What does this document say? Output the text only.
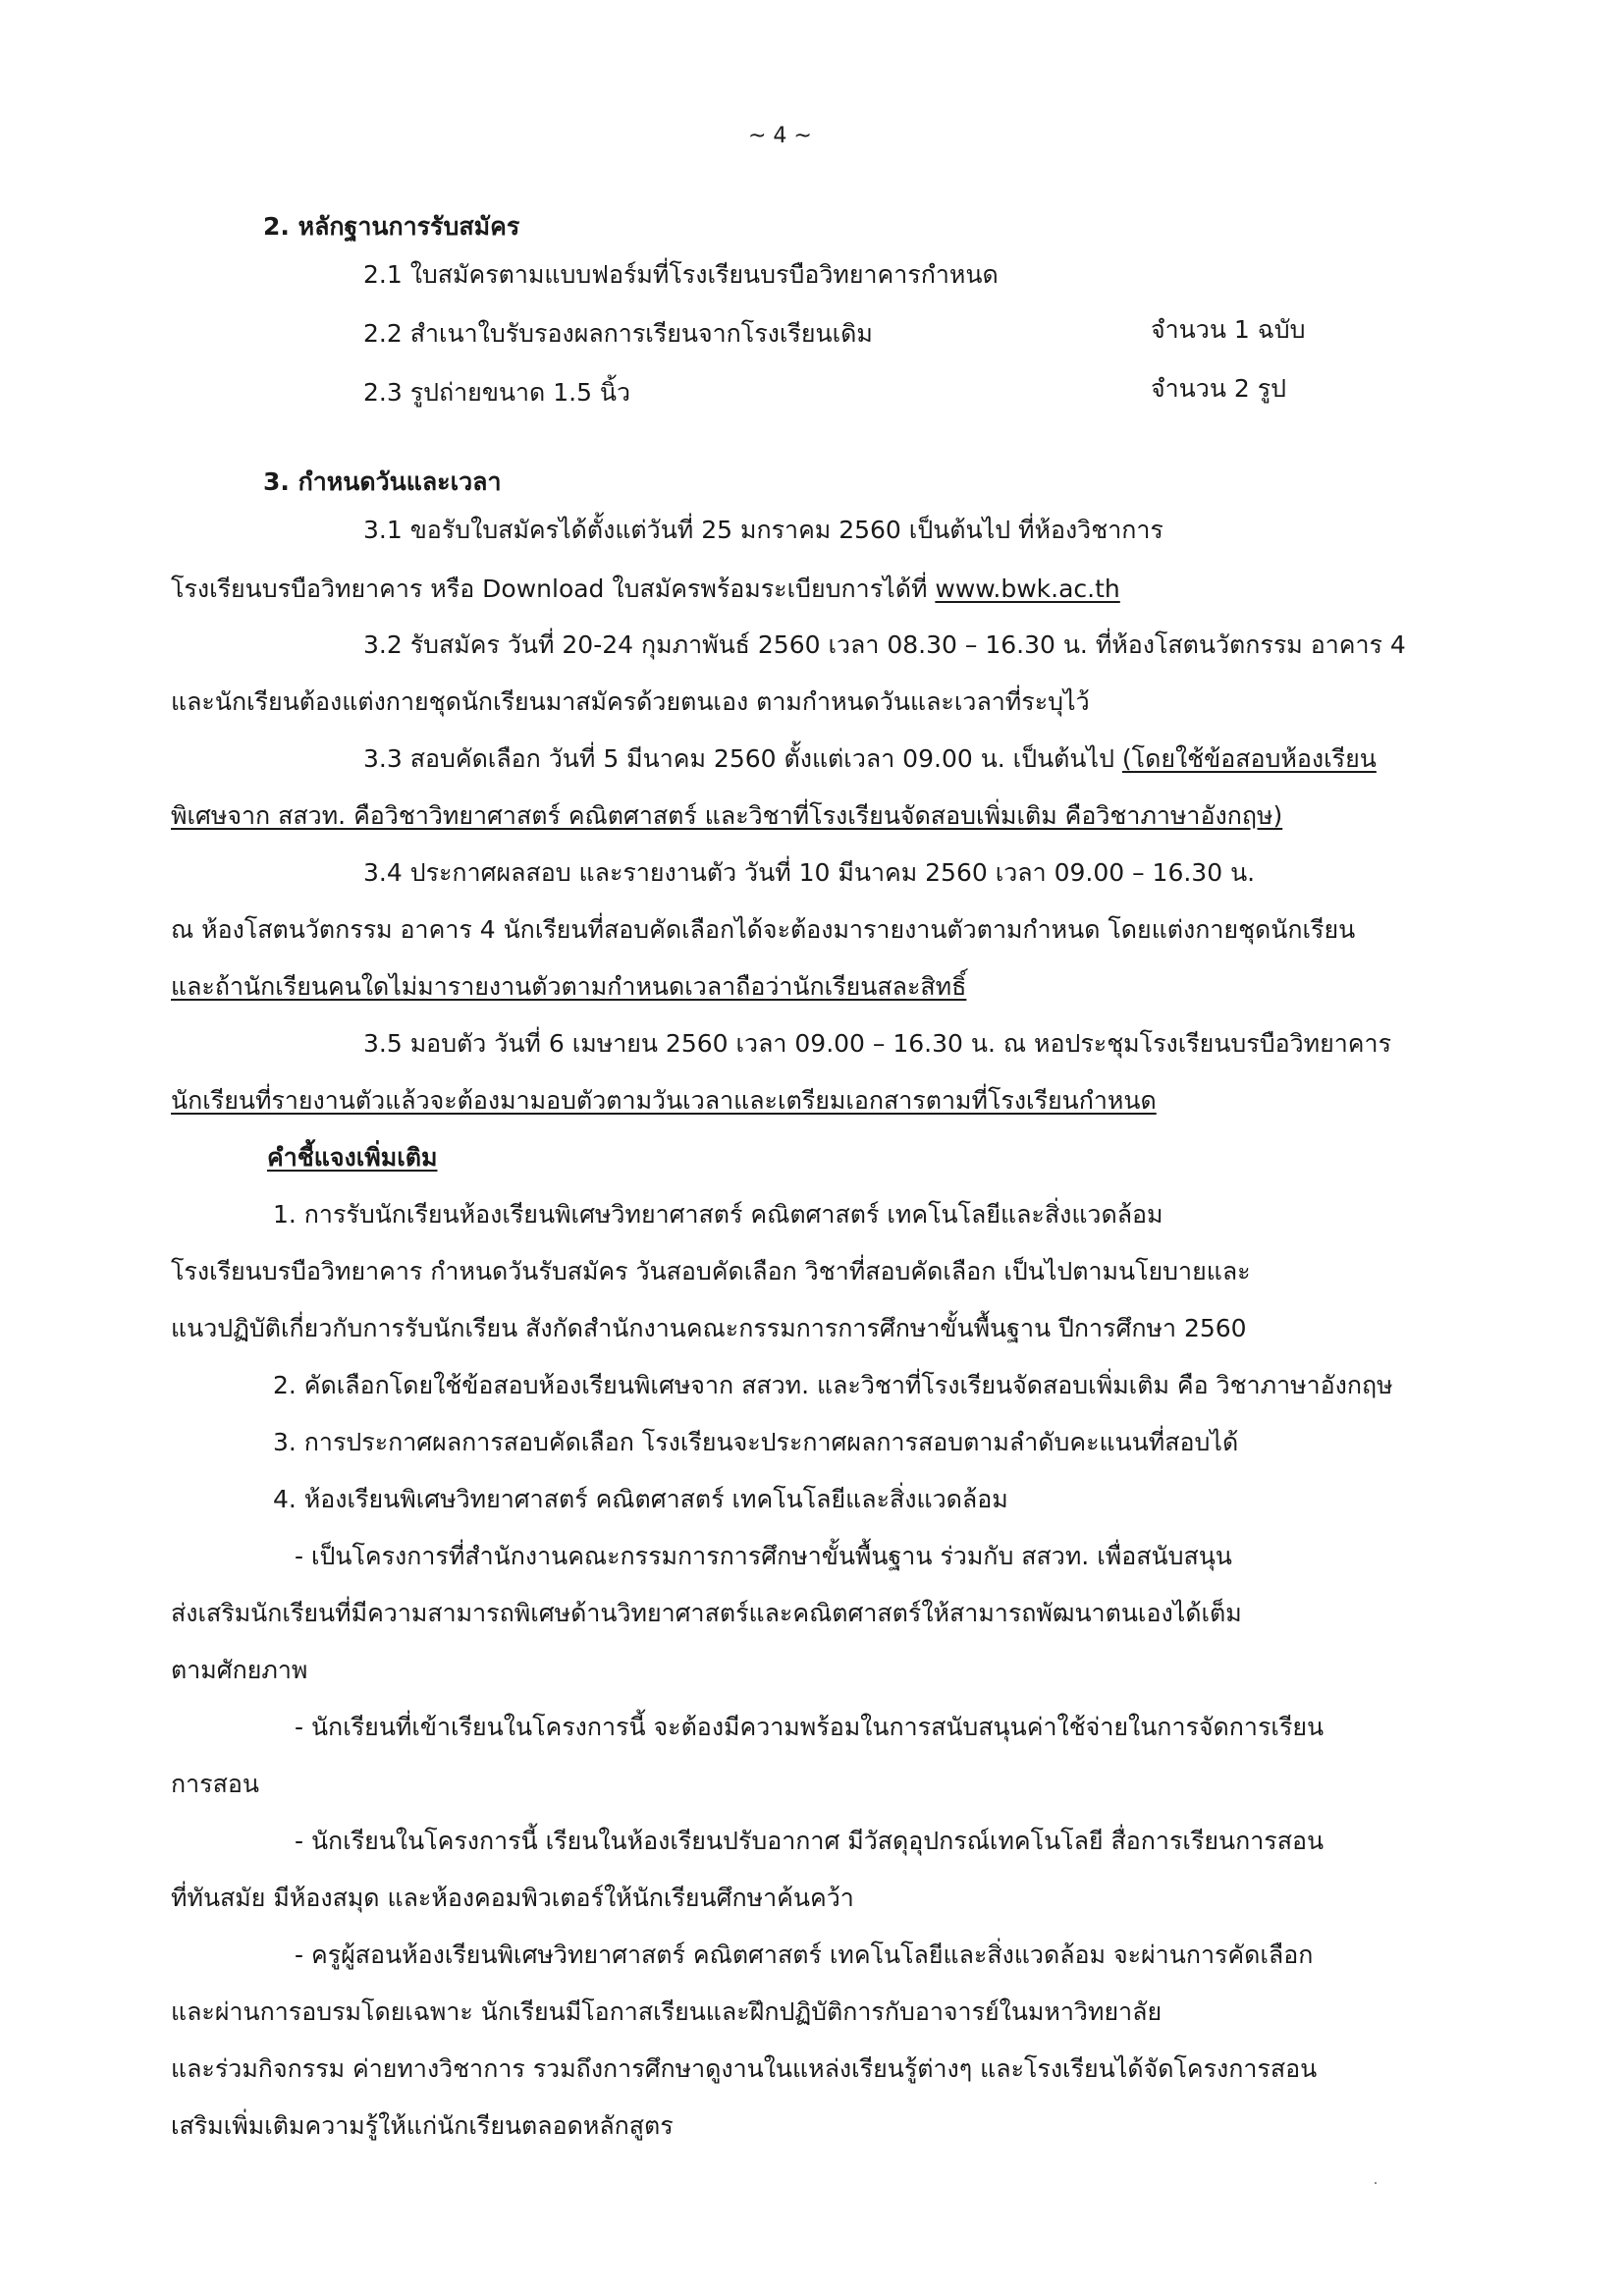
~ 4 ~
2. หลักฐานการรับสมัคร
2.1 ใบสมัครตามแบบฟอร์มที่โรงเรียนบรบือวิทยาคารกำหนด
2.2 สำเนาใบรับรองผลการเรียนจากโรงเรียนเดิม	จำนวน 1 ฉบับ
2.3 รูปถ่ายขนาด 1.5 นิ้ว	จำนวน 2 รูป
3. กำหนดวันและเวลา
3.1 ขอรับใบสมัครได้ตั้งแต่วันที่ 25 มกราคม 2560 เป็นต้นไป ที่ห้องวิชาการ
โรงเรียนบรบือวิทยาคาร หรือ Download ใบสมัครพร้อมระเบียบการได้ที่ www.bwk.ac.th
3.2 รับสมัคร วันที่ 20-24 กุมภาพันธ์ 2560 เวลา 08.30 – 16.30 น. ที่ห้องโสตนวัตกรรม อาคาร 4
และนักเรียนต้องแต่งกายชุดนักเรียนมาสมัครด้วยตนเอง ตามกำหนดวันและเวลาที่ระบุไว้
3.3 สอบคัดเลือก วันที่ 5 มีนาคม 2560 ตั้งแต่เวลา 09.00 น. เป็นต้นไป (โดยใช้ข้อสอบห้องเรียน
พิเศษจาก สสวท. คือวิชาวิทยาศาสตร์ คณิตศาสตร์ และวิชาที่โรงเรียนจัดสอบเพิ่มเติม คือวิชาภาษาอังกฤษ)
3.4 ประกาศผลสอบ และรายงานตัว วันที่ 10 มีนาคม 2560 เวลา 09.00 – 16.30 น.
ณ ห้องโสตนวัตกรรม อาคาร 4 นักเรียนที่สอบคัดเลือกได้จะต้องมารายงานตัวตามกำหนด โดยแต่งกายชุดนักเรียน
และถ้านักเรียนคนใดไม่มารายงานตัวตามกำหนดเวลาถือว่านักเรียนสละสิทธิ์
3.5 มอบตัว วันที่ 6 เมษายน 2560 เวลา 09.00 – 16.30 น. ณ หอประชุมโรงเรียนบรบือวิทยาคาร
นักเรียนที่รายงานตัวแล้วจะต้องมามอบตัวตามวันเวลาและเตรียมเอกสารตามที่โรงเรียนกำหนด
คำชี้แจงเพิ่มเติม
1. การรับนักเรียนห้องเรียนพิเศษวิทยาศาสตร์ คณิตศาสตร์ เทคโนโลยีและสิ่งแวดล้อม
โรงเรียนบรบือวิทยาคาร กำหนดวันรับสมัคร วันสอบคัดเลือก วิชาที่สอบคัดเลือก เป็นไปตามนโยบายและ
แนวปฏิบัติเกี่ยวกับการรับนักเรียน สังกัดสำนักงานคณะกรรมการการศึกษาขั้นพื้นฐาน ปีการศึกษา 2560
2. คัดเลือกโดยใช้ข้อสอบห้องเรียนพิเศษจาก สสวท. และวิชาที่โรงเรียนจัดสอบเพิ่มเติม คือ วิชาภาษาอังกฤษ
3. การประกาศผลการสอบคัดเลือก โรงเรียนจะประกาศผลการสอบตามลำดับคะแนนที่สอบได้
4. ห้องเรียนพิเศษวิทยาศาสตร์ คณิตศาสตร์ เทคโนโลยีและสิ่งแวดล้อม
- เป็นโครงการที่สำนักงานคณะกรรมการการศึกษาขั้นพื้นฐาน ร่วมกับ สสวท. เพื่อสนับสนุน
ส่งเสริมนักเรียนที่มีความสามารถพิเศษด้านวิทยาศาสตร์และคณิตศาสตร์ให้สามารถพัฒนาตนเองได้เต็ม
ตามศักยภาพ
- นักเรียนที่เข้าเรียนในโครงการนี้ จะต้องมีความพร้อมในการสนับสนุนค่าใช้จ่ายในการจัดการเรียน
การสอน
- นักเรียนในโครงการนี้ เรียนในห้องเรียนปรับอากาศ มีวัสดุอุปกรณ์เทคโนโลยี สื่อการเรียนการสอน
ที่ทันสมัย มีห้องสมุด และห้องคอมพิวเตอร์ให้นักเรียนศึกษาค้นคว้า
- ครูผู้สอนห้องเรียนพิเศษวิทยาศาสตร์ คณิตศาสตร์ เทคโนโลยีและสิ่งแวดล้อม จะผ่านการคัดเลือก
และผ่านการอบรมโดยเฉพาะ นักเรียนมีโอกาสเรียนและฝึกปฏิบัติการกับอาจารย์ในมหาวิทยาลัย
และร่วมกิจกรรม ค่ายทางวิชาการ รวมถึงการศึกษาดูงานในแหล่งเรียนรู้ต่างๆ และโรงเรียนได้จัดโครงการสอน
เสริมเพิ่มเติมความรู้ให้แก่นักเรียนตลอดหลักสูตร
